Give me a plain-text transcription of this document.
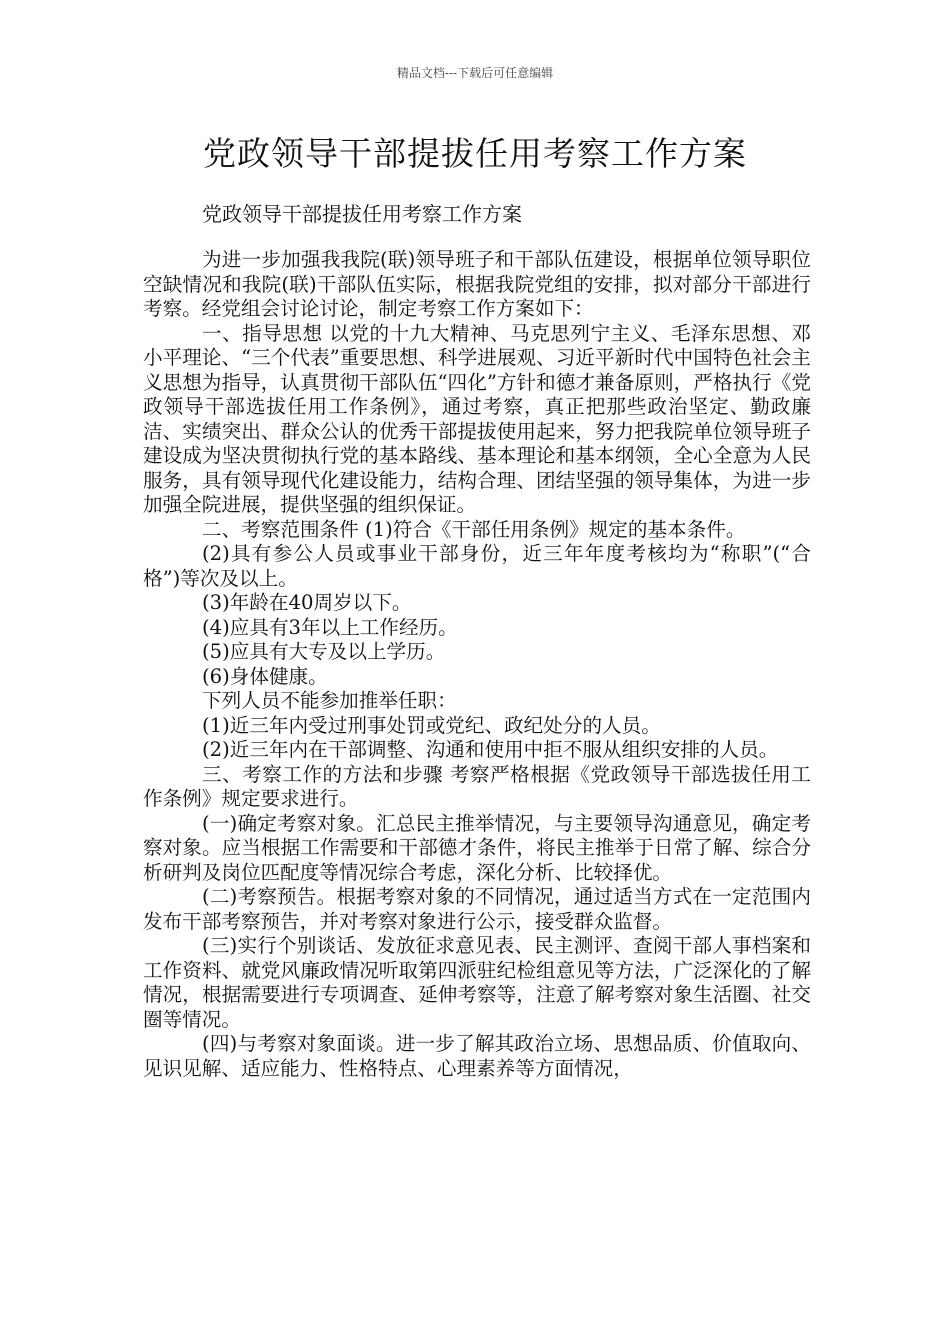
精品文档---下载后可任意编辑
党政领导干部提拔任用考察工作方案
党政领导干部提拔任用考察工作方案

为进一步加强我我院(联)领导班子和干部队伍建设，根据单位领导职位空缺情况和我院(联)干部队伍实际，根据我院党组的安排，拟对部分干部进行考察。经党组会讨论讨论，制定考察工作方案如下：

一、指导思想 以党的十九大精神、马克思列宁主义、毛泽东思想、邓小平理论、“三个代表”重要思想、科学进展观、习近平新时代中国特色社会主义思想为指导，认真贯彻干部队伍“四化”方针和德才兼备原则，严格执行《党政领导干部选拔任用工作条例》，通过考察，真正把那些政治坚定、勤政廉洁、实绩突出、群众公认的优秀干部提拔使用起来，努力把我院单位领导班子建设成为坚决贯彻执行党的基本路线、基本理论和基本纲领，全心全意为人民服务，具有领导现代化建设能力，结构合理、团结坚强的领导集体，为进一步加强全院进展，提供坚强的组织保证。

二、考察范围条件 (1)符合《干部任用条例》规定的基本条件。

(2)具有参公人员或事业干部身份，近三年年度考核均为“称职”(“合格”)等次及以上。

(3)年龄在40周岁以下。

(4)应具有3年以上工作经历。

(5)应具有大专及以上学历。

(6)身体健康。

下列人员不能参加推举任职：

(1)近三年内受过刑事处罚或党纪、政纪处分的人员。

(2)近三年内在干部调整、沟通和使用中拒不服从组织安排的人员。

三、考察工作的方法和步骤 考察严格根据《党政领导干部选拔任用工作条例》规定要求进行。

(一)确定考察对象。汇总民主推举情况，与主要领导沟通意见，确定考察对象。应当根据工作需要和干部德才条件，将民主推举于日常了解、综合分析研判及岗位匹配度等情况综合考虑，深化分析、比较择优。

(二)考察预告。根据考察对象的不同情况，通过适当方式在一定范围内发布干部考察预告，并对考察对象进行公示，接受群众监督。

(三)实行个别谈话、发放征求意见表、民主测评、查阅干部人事档案和工作资料、就党风廉政情况听取第四派驻纪检组意见等方法，广泛深化的了解情况，根据需要进行专项调查、延伸考察等，注意了解考察对象生活圈、社交圈等情况。

(四)与考察对象面谈。进一步了解其政治立场、思想品质、价值取向、见识见解、适应能力、性格特点、心理素养等方面情况，
